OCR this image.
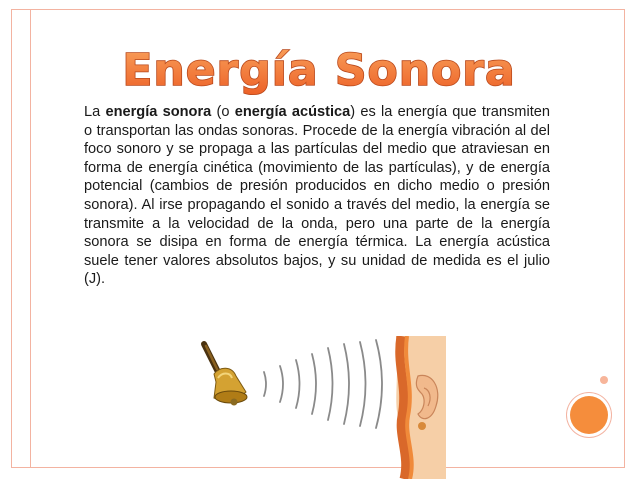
Energía Sonora

La energía sonora (o energía acústica) es la energía que transmiten o transportan las ondas sonoras. Procede de la energía vibración al del foco sonoro y se propaga a las partículas del medio que atraviesan en forma de energía cinética (movimiento de las partículas), y de energía potencial (cambios de presión producidos en dicho medio o presión sonora). Al irse propagando el sonido a través del medio, la energía se transmite a la velocidad de la onda, pero una parte de la energía sonora se disipa en forma de energía térmica. La energía acústica suele tener valores absolutos bajos, y su unidad de medida es el julio (J).
